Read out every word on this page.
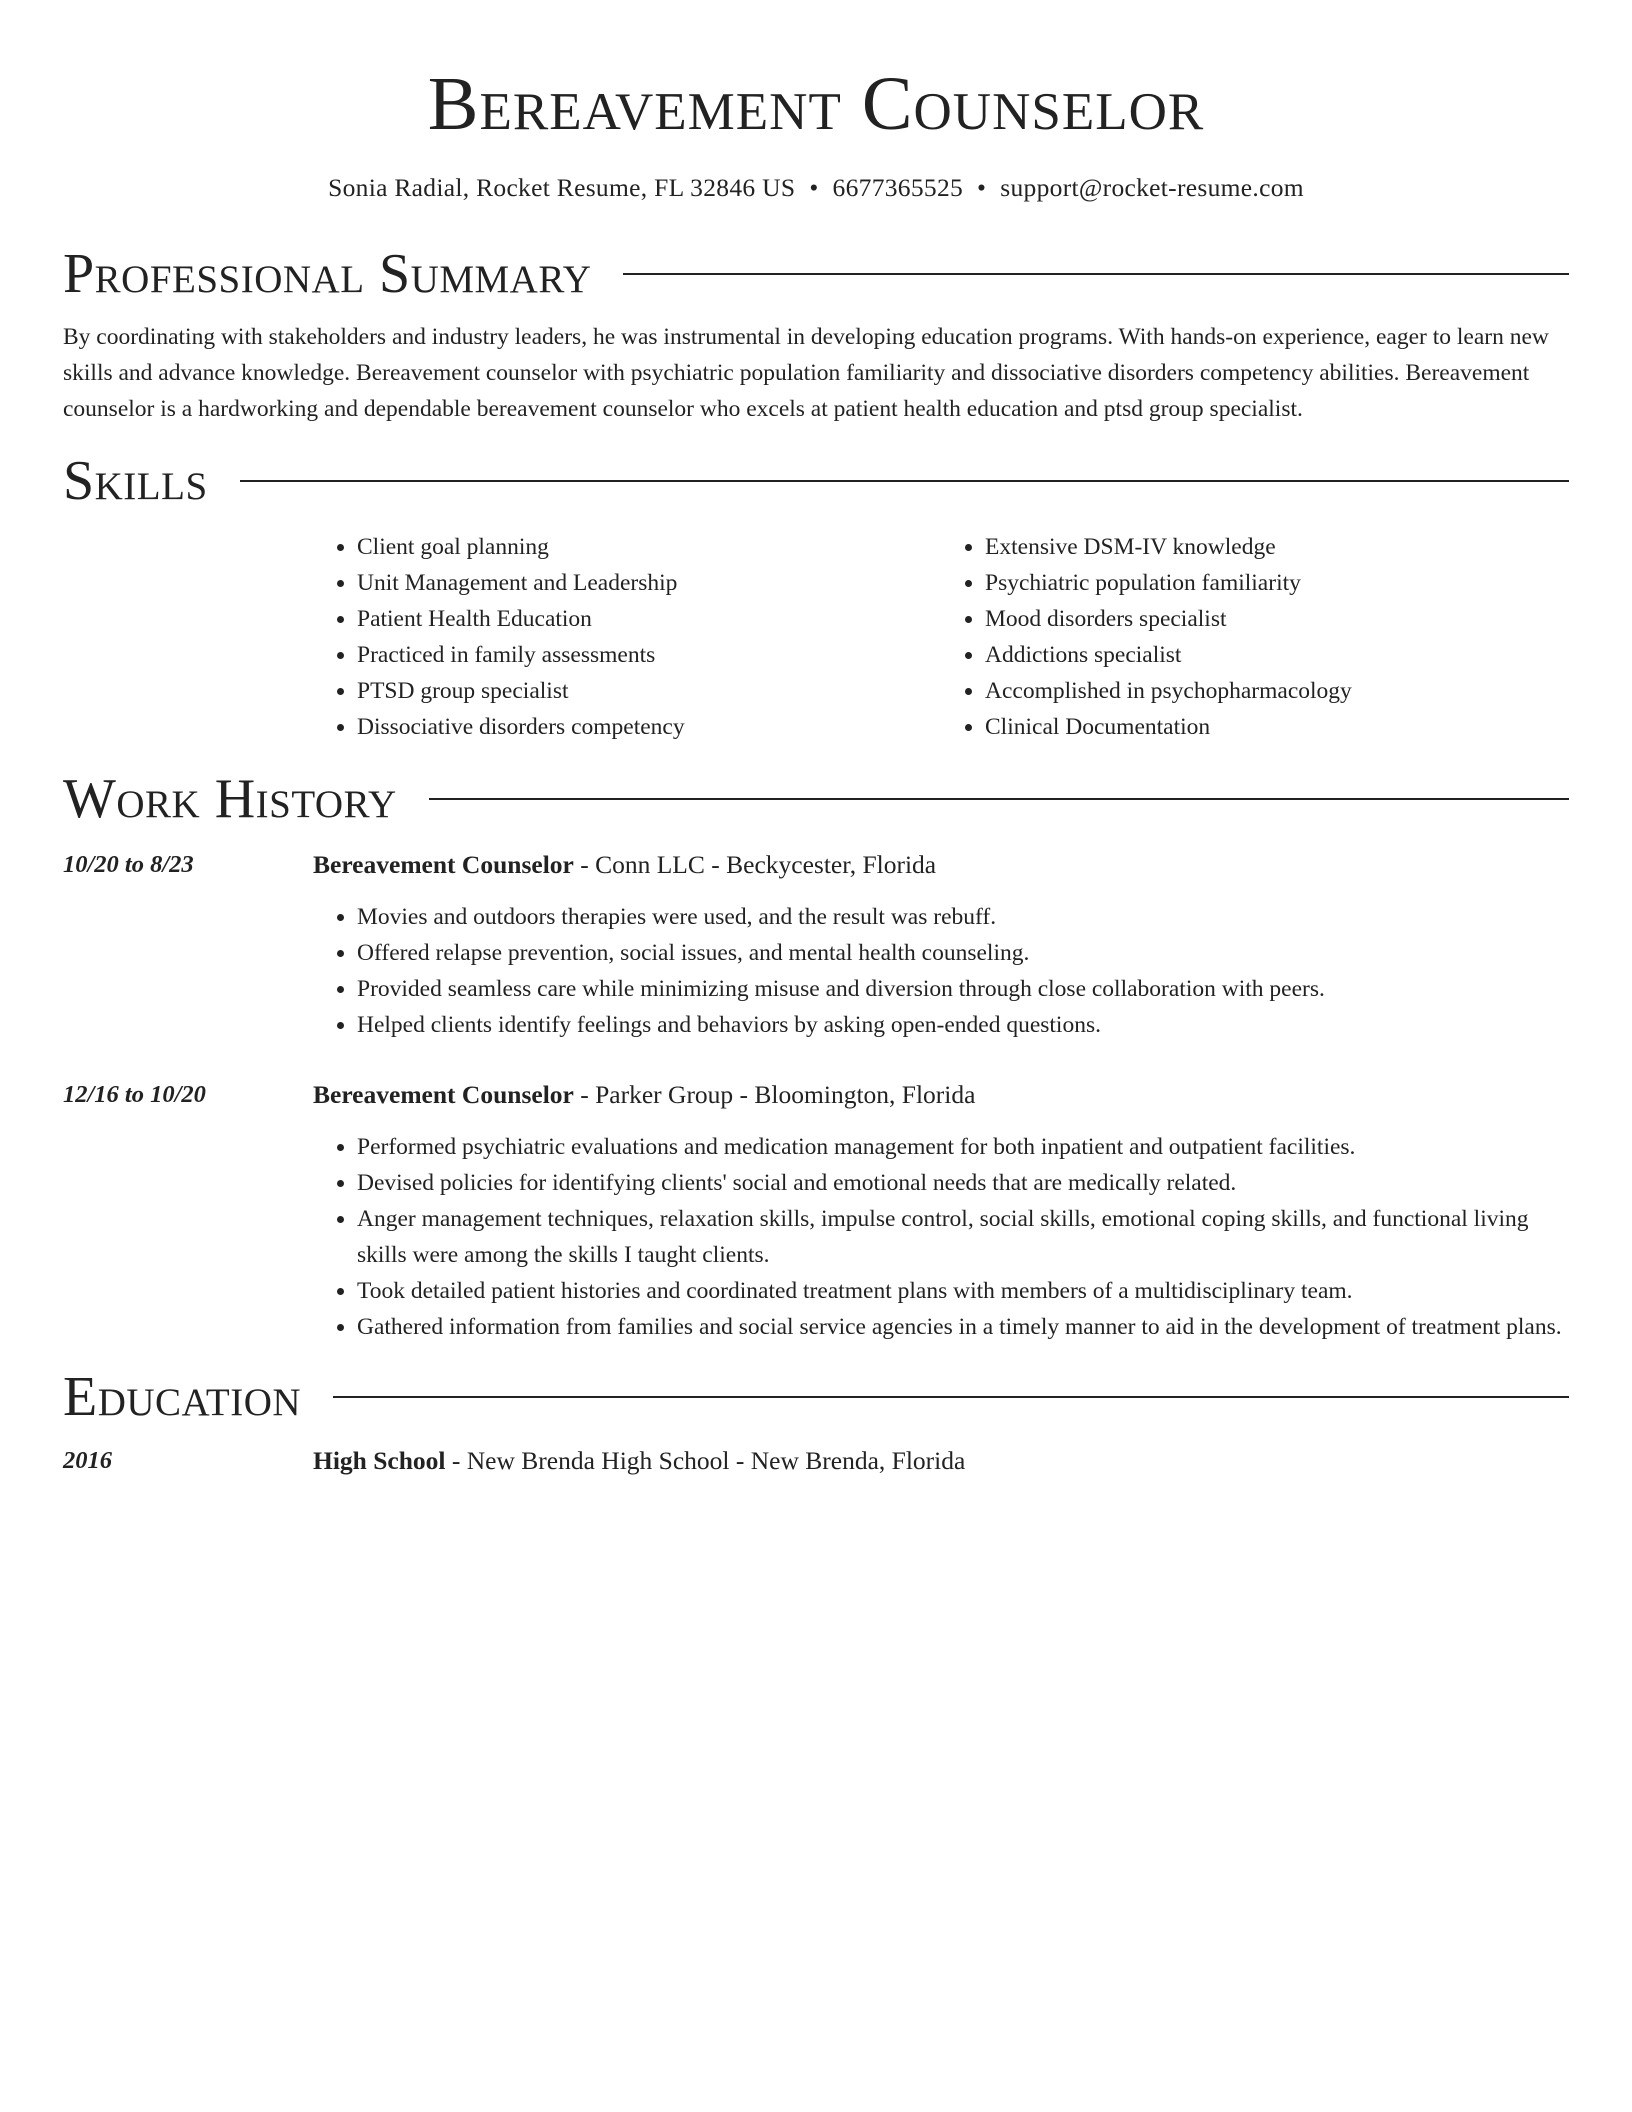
Bereavement Counselor
Sonia Radial, Rocket Resume, FL 32846 US • 6677365525 • support@rocket-resume.com
Professional Summary

By coordinating with stakeholders and industry leaders, he was instrumental in developing education programs. With hands-on experience, eager to learn new skills and advance knowledge. Bereavement counselor with psychiatric population familiarity and dissociative disorders competency abilities. Bereavement counselor is a hardworking and dependable bereavement counselor who excels at patient health education and ptsd group specialist.

Skills
• Client goal planning
• Unit Management and Leadership
• Patient Health Education
• Practiced in family assessments
• PTSD group specialist
• Dissociative disorders competency
• Extensive DSM-IV knowledge
• Psychiatric population familiarity
• Mood disorders specialist
• Addictions specialist
• Accomplished in psychopharmacology
• Clinical Documentation
Work History
10/20 to 8/23	Bereavement Counselor - Conn LLC - Beckycester, Florida
• Movies and outdoors therapies were used, and the result was rebuff.
• Offered relapse prevention, social issues, and mental health counseling.
• Provided seamless care while minimizing misuse and diversion through close collaboration with peers.
• Helped clients identify feelings and behaviors by asking open-ended questions.
12/16 to 10/20	Bereavement Counselor - Parker Group - Bloomington, Florida
• Performed psychiatric evaluations and medication management for both inpatient and outpatient facilities.
• Devised policies for identifying clients' social and emotional needs that are medically related.
• Anger management techniques, relaxation skills, impulse control, social skills, emotional coping skills, and functional living skills were among the skills I taught clients.
• Took detailed patient histories and coordinated treatment plans with members of a multidisciplinary team.
• Gathered information from families and social service agencies in a timely manner to aid in the development of treatment plans.
Education
2016	High School - New Brenda High School - New Brenda, Florida
